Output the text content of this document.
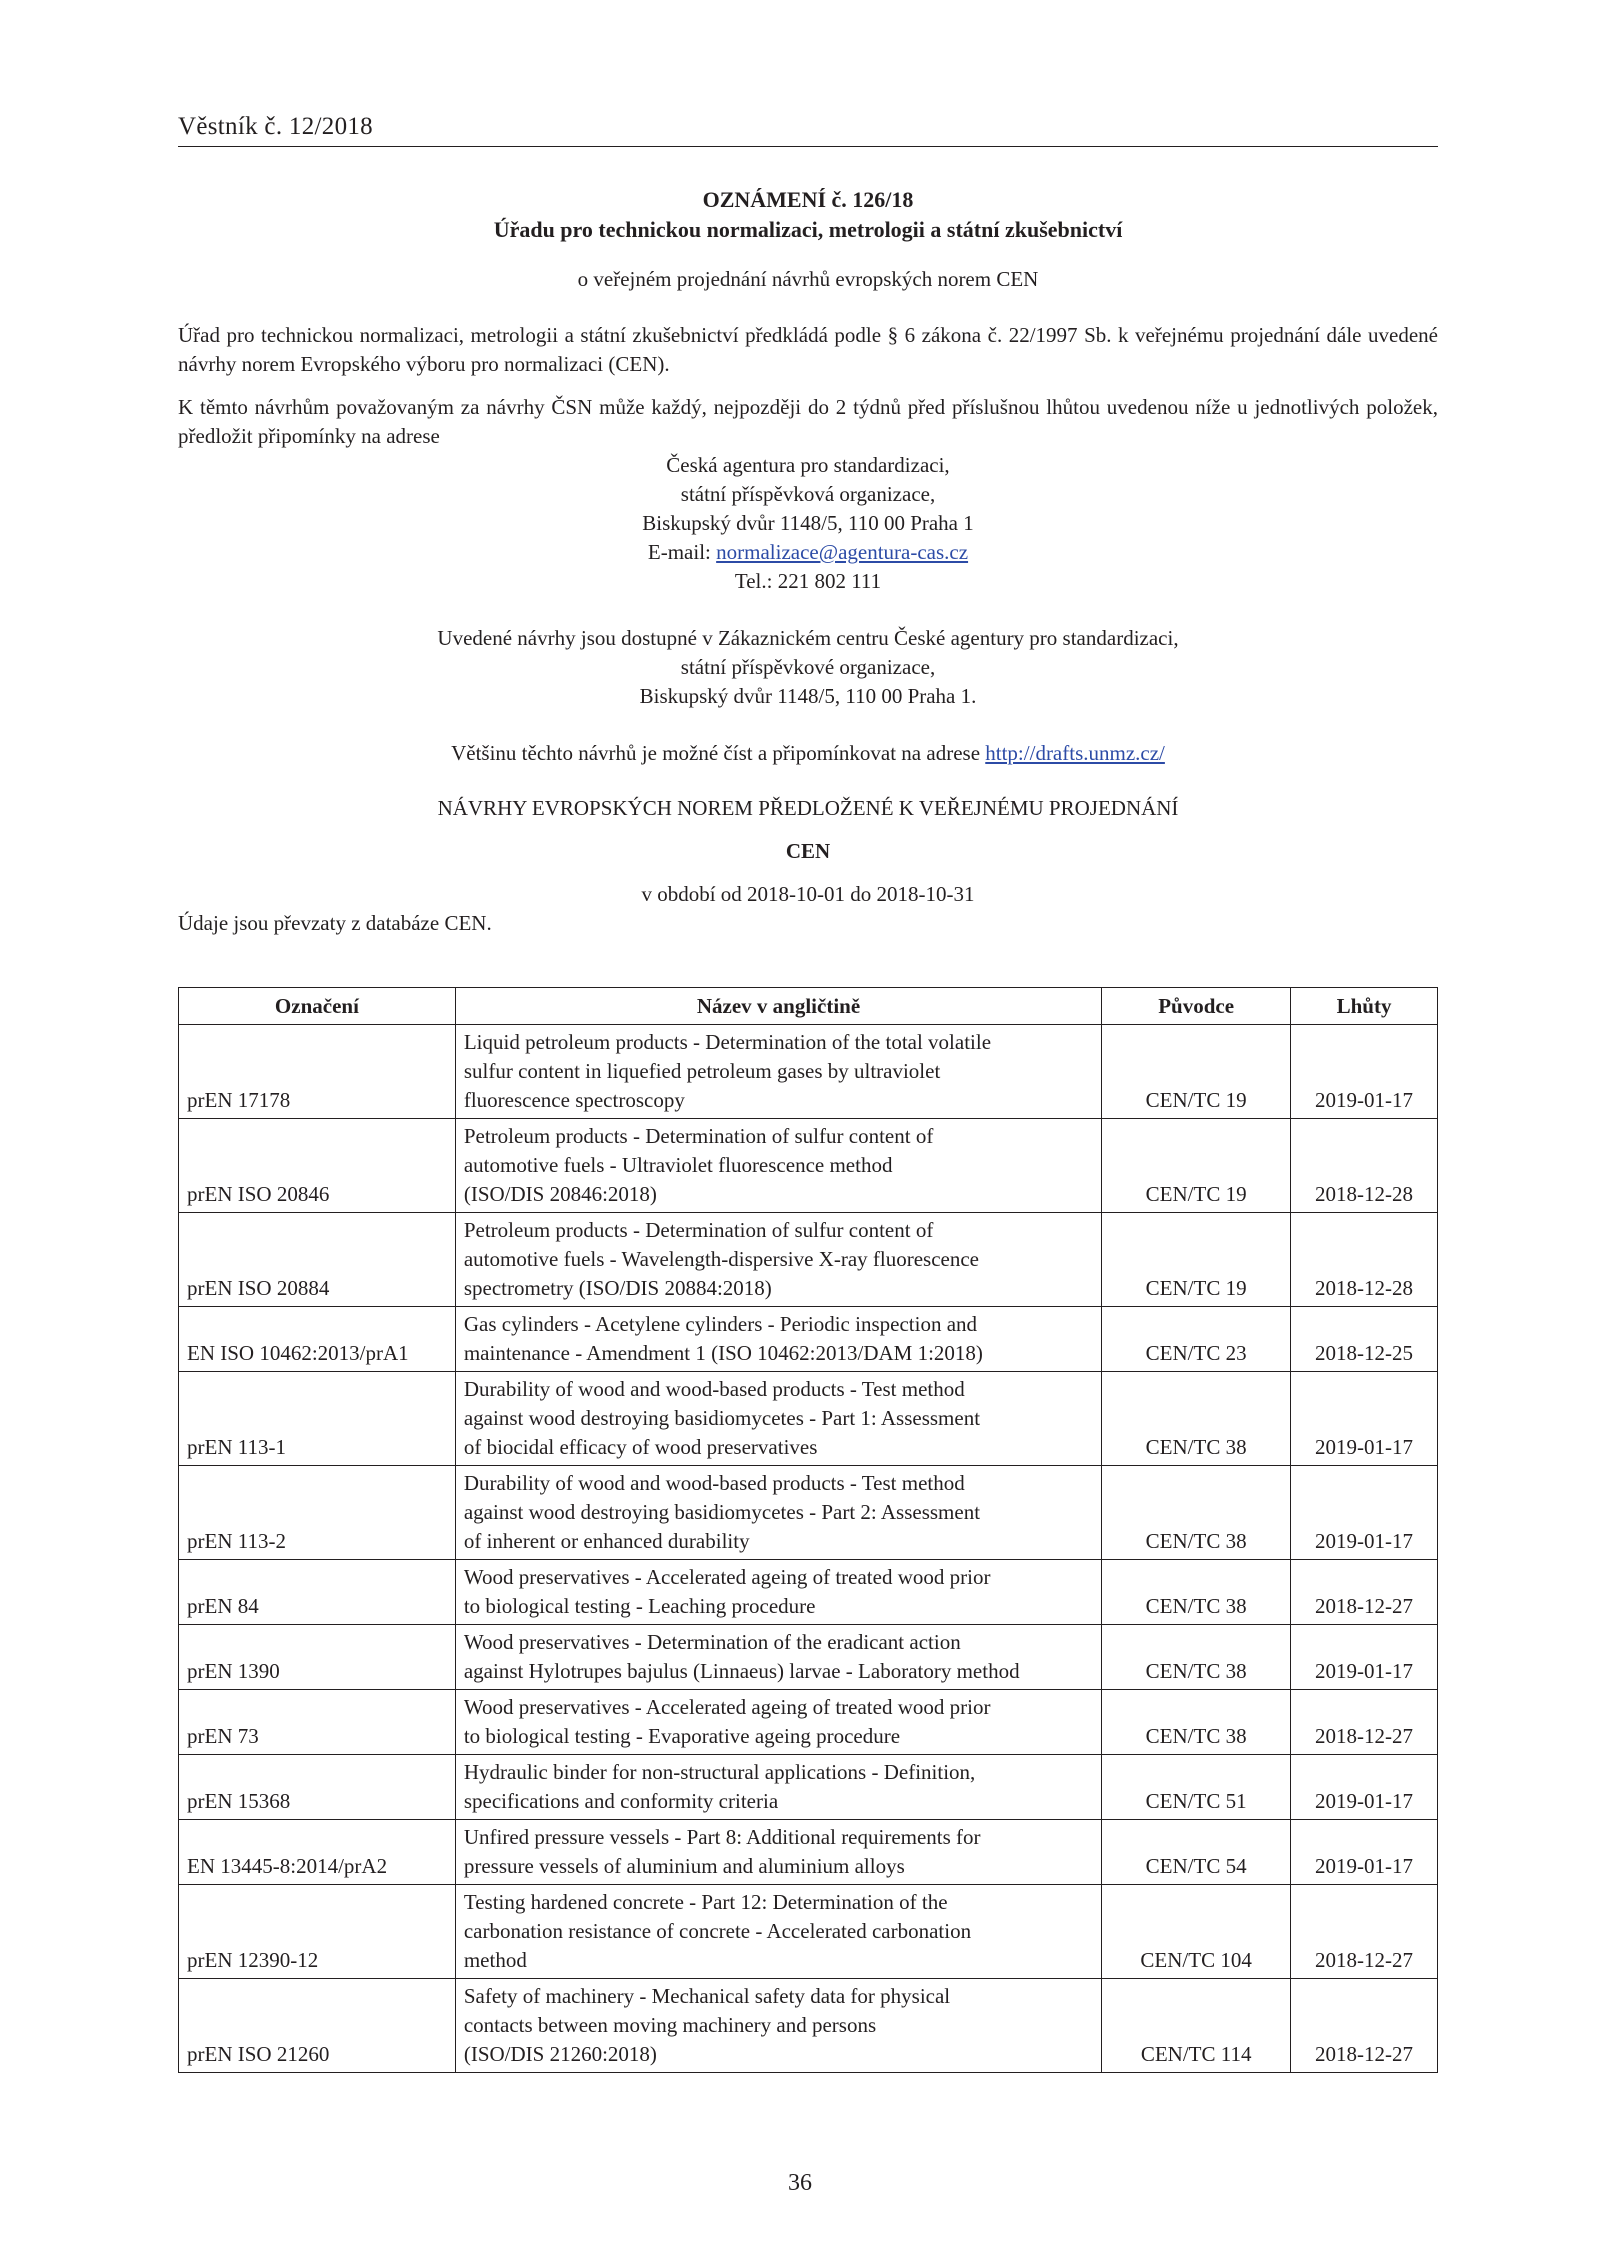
Věstník č. 12/2018
OZNÁMENÍ č. 126/18
Úřadu pro technickou normalizaci, metrologii a státní zkušebnictví
o veřejném projednání návrhů evropských norem CEN
Úřad pro technickou normalizaci, metrologii a státní zkušebnictví předkládá podle § 6 zákona č. 22/1997 Sb. k veřejnému projednání dále uvedené návrhy norem Evropského výboru pro normalizaci (CEN).
K těmto návrhům považovaným za návrhy ČSN může každý, nejpozději do 2 týdnů před příslušnou lhůtou uvedenou níže u jednotlivých položek, předložit připomínky na adrese
Česká agentura pro standardizaci,
státní příspěvková organizace,
Biskupský dvůr 1148/5, 110 00 Praha 1
E-mail: normalizace@agentura-cas.cz
Tel.: 221 802 111
Uvedené návrhy jsou dostupné v Zákaznickém centru České agentury pro standardizaci,
státní příspěvkové organizace,
Biskupský dvůr 1148/5, 110 00 Praha 1.
Většinu těchto návrhů je možné číst a připomínkovat na adrese http://drafts.unmz.cz/
NÁVRHY EVROPSKÝCH NOREM PŘEDLOŽENÉ K VEŘEJNÉMU PROJEDNÁNÍ
CEN
v období od 2018-10-01 do 2018-10-31
Údaje jsou převzaty z databáze CEN.
Označení	Název v angličtině	Původce	Lhůty
prEN 17178	Liquid petroleum products - Determination of the total volatile
sulfur content in liquefied petroleum gases by ultraviolet
fluorescence spectroscopy	CEN/TC 19	2019-01-17
prEN ISO 20846	Petroleum products - Determination of sulfur content of
automotive fuels - Ultraviolet fluorescence method
(ISO/DIS 20846:2018)	CEN/TC 19	2018-12-28
prEN ISO 20884	Petroleum products - Determination of sulfur content of
automotive fuels - Wavelength-dispersive X-ray fluorescence
spectrometry (ISO/DIS 20884:2018)	CEN/TC 19	2018-12-28
EN ISO 10462:2013/prA1	Gas cylinders - Acetylene cylinders - Periodic inspection and
maintenance - Amendment 1 (ISO 10462:2013/DAM 1:2018)	CEN/TC 23	2018-12-25
prEN 113-1	Durability of wood and wood-based products - Test method
against wood destroying basidiomycetes - Part 1: Assessment
of biocidal efficacy of wood preservatives	CEN/TC 38	2019-01-17
prEN 113-2	Durability of wood and wood-based products - Test method
against wood destroying basidiomycetes - Part 2: Assessment
of inherent or enhanced durability	CEN/TC 38	2019-01-17
prEN 84	Wood preservatives - Accelerated ageing of treated wood prior
to biological testing - Leaching procedure	CEN/TC 38	2018-12-27
prEN 1390	Wood preservatives - Determination of the eradicant action
against Hylotrupes bajulus (Linnaeus) larvae - Laboratory method	CEN/TC 38	2019-01-17
prEN 73	Wood preservatives - Accelerated ageing of treated wood prior
to biological testing - Evaporative ageing procedure	CEN/TC 38	2018-12-27
prEN 15368	Hydraulic binder for non-structural applications - Definition,
specifications and conformity criteria	CEN/TC 51	2019-01-17
EN 13445-8:2014/prA2	Unfired pressure vessels - Part 8: Additional requirements for
pressure vessels of aluminium and aluminium alloys	CEN/TC 54	2019-01-17
prEN 12390-12	Testing hardened concrete - Part 12: Determination of the
carbonation resistance of concrete - Accelerated carbonation
method	CEN/TC 104	2018-12-27
prEN ISO 21260	Safety of machinery - Mechanical safety data for physical
contacts between moving machinery and persons
(ISO/DIS 21260:2018)	CEN/TC 114	2018-12-27
36
